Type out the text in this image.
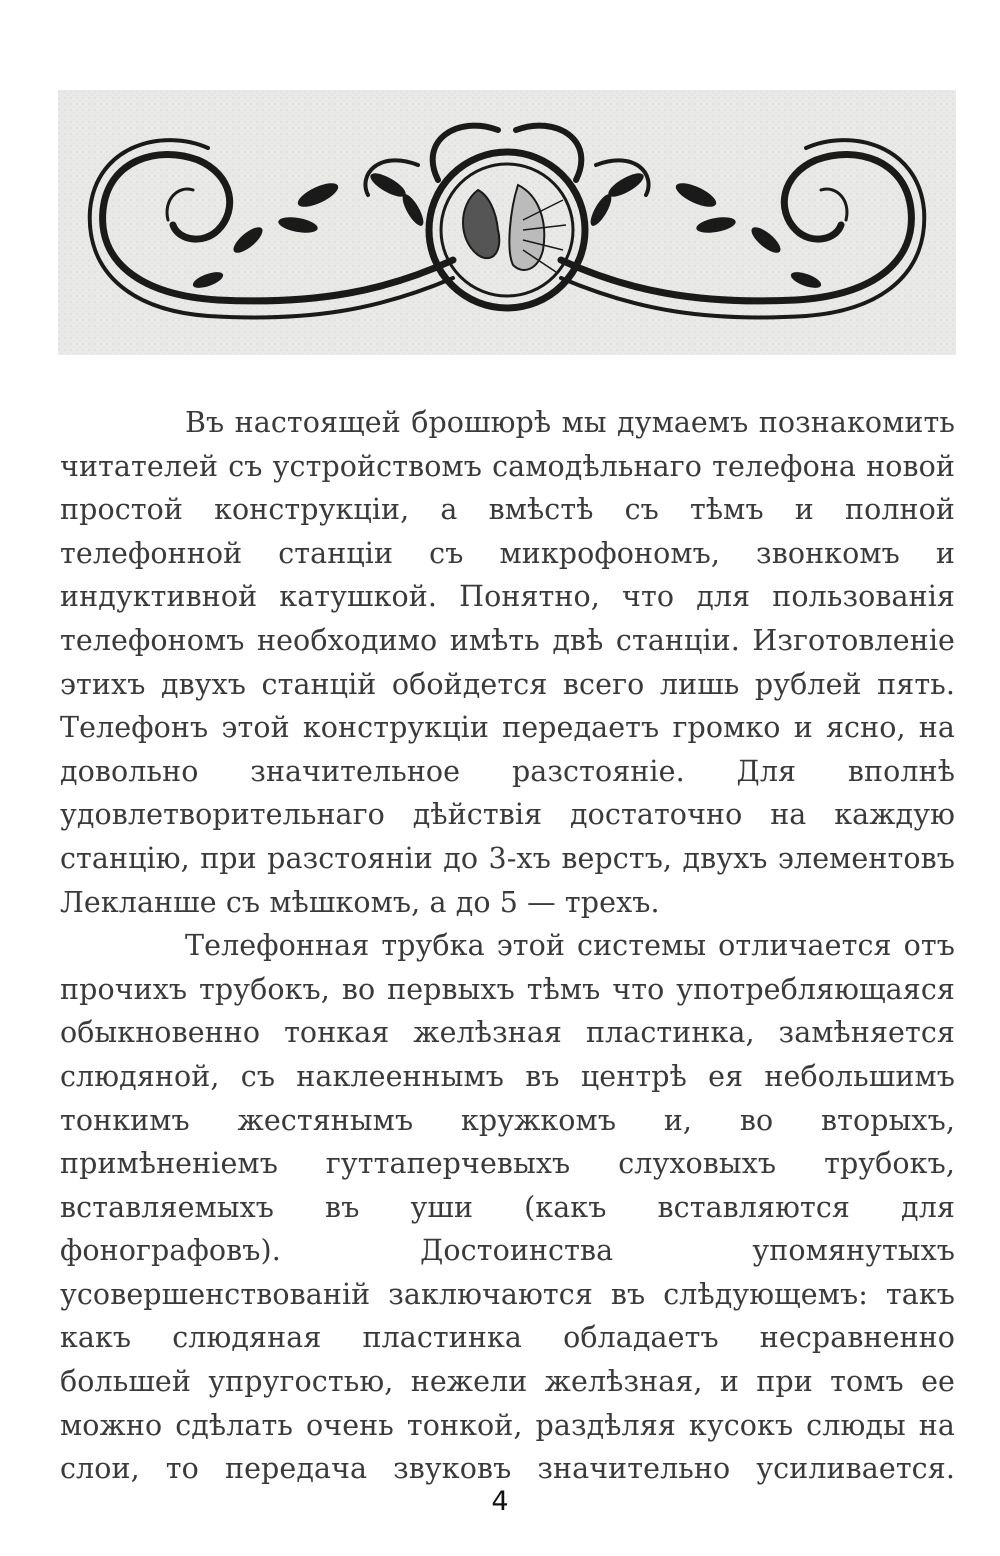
Въ настоящей брошюрѣ мы думаемъ познакомить читателей съ устройствомъ самодѣльнаго телефона новой простой конструкціи, а вмѣстѣ съ тѣмъ и полной телефонной станціи съ микрофономъ, звонкомъ и индуктивной катушкой. Понятно, что для пользованія телефономъ необходимо имѣть двѣ станціи. Изготовленіе этихъ двухъ станцій обойдется всего лишь рублей пять. Телефонъ этой конструкціи передаетъ громко и ясно, на довольно значительное разстояніе. Для вполнѣ удовлетворительнаго дѣйствія достаточно на каждую станцію, при разстояніи до 3-хъ верстъ, двухъ элементовъ Лекланше съ мѣшкомъ, а до 5 — трехъ.

Телефонная трубка этой системы отличается отъ прочихъ трубокъ, во первыхъ тѣмъ что употребляющаяся обыкновенно тонкая желѣзная пластинка, замѣняется слюдяной, съ наклееннымъ въ центрѣ ея небольшимъ тонкимъ жестянымъ кружкомъ и, во вторыхъ, примѣненіемъ гуттаперчевыхъ слуховыхъ трубокъ, вставляемыхъ въ уши (какъ вставляются для фонографовъ). Достоинства упомянутыхъ усовершенствованій заключаются въ слѣдующемъ: такъ какъ слюдяная пластинка обладаетъ несравненно большей упругостью, нежели желѣзная, и при томъ ее можно сдѣлать очень тонкой, раздѣляя кусокъ слюды на слои, то передача звуковъ значительно усиливается.

4
